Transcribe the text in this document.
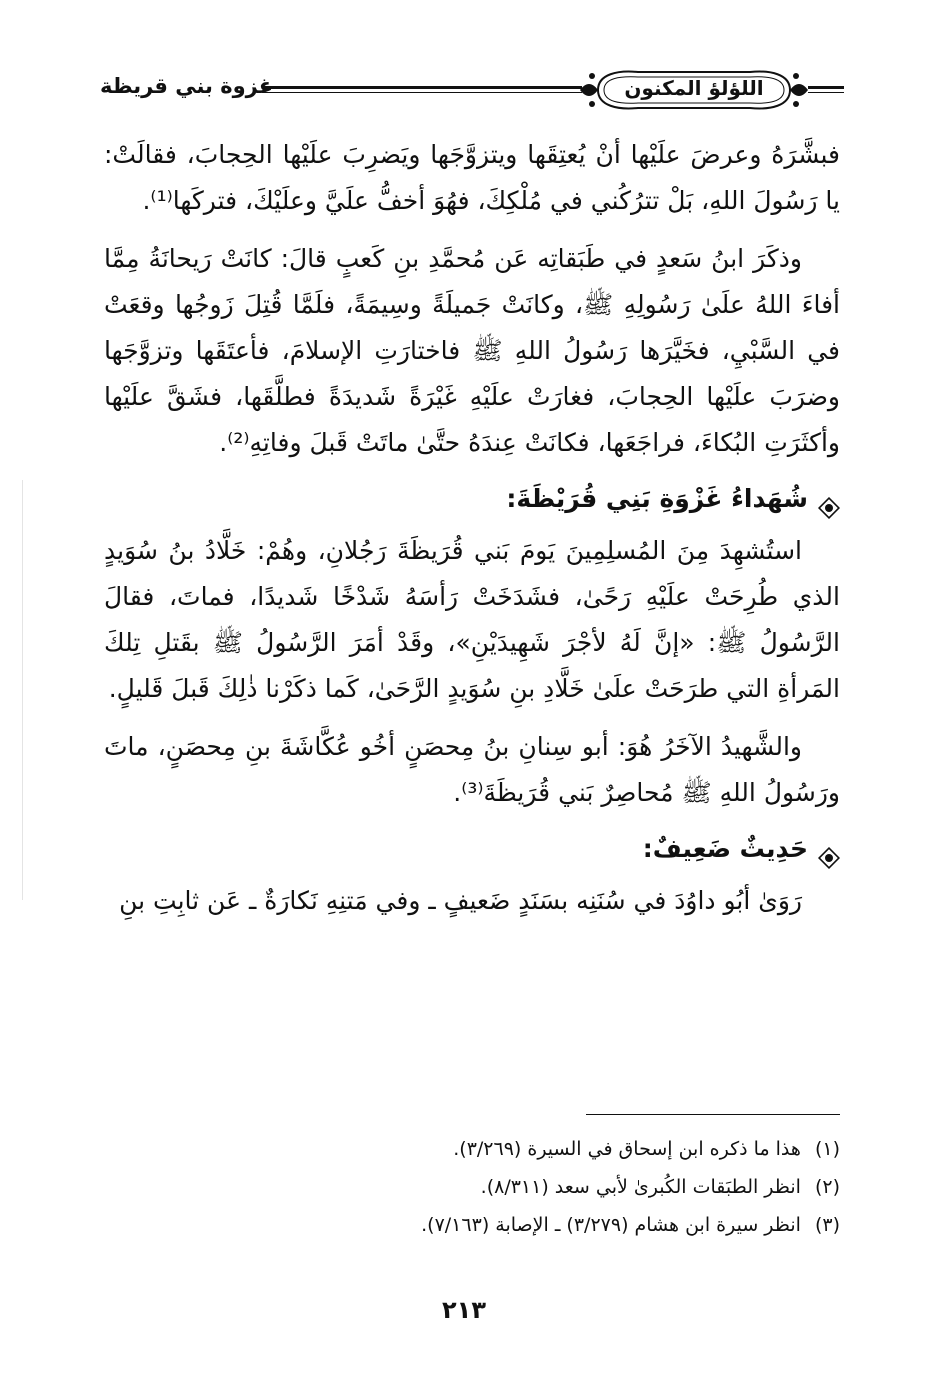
غزوة بني قريظة	اللؤلؤ المكنون

فبشَّرَهُ وعرضَ علَيْها أنْ يُعتِقَها ويتزوَّجَها ويَضرِبَ علَيْها الحِجابَ، فقالَتْ: يا رَسُولَ اللهِ، بَلْ تترُكُني في مُلْكِكَ، فهُوَ أخفُّ علَيَّ وعلَيْكَ، فتركَها⁽¹⁾.

وذكَرَ ابنُ سَعدٍ في طَبَقاتِه عَن مُحمَّدِ بنِ كَعبٍ قالَ: كانَتْ رَيحانَةُ مِمَّا أفاءَ اللهُ علَىٰ رَسُولِهِ ﷺ، وكانَتْ جَميلَةً وسِيمَةً، فلَمَّا قُتِلَ زَوجُها وقعَتْ في السَّبْيِ، فخَيَّرَها رَسُولُ اللهِ ﷺ فاختارَتِ الإسلامَ، فأعتَقَها وتزوَّجَها وضرَبَ علَيْها الحِجابَ، فغارَتْ علَيْهِ غَيْرَةً شَديدَةً فطلَّقَها، فشَقَّ علَيْها وأكثَرَتِ البُكاءَ، فراجَعَها، فكانَتْ عِندَهُ حتَّىٰ ماتَتْ قَبلَ وفاتِهِ⁽²⁾.

شُهَداءُ غَزْوَةِ بَنِي قُرَيْظَةَ:

استُشهِدَ مِنَ المُسلِمِينَ يَومَ بَني قُرَيظَةَ رَجُلانِ، وهُمْ: خَلَّادُ بنُ سُوَيدٍ الذي طُرِحَتْ علَيْهِ رَحًىٰ، فشَدَخَتْ رَأسَهُ شَدْخًا شَديدًا، فماتَ، فقالَ الرَّسُولُ ﷺ: «إنَّ لَهُ لأجْرَ شَهِيدَيْنِ»، وقَدْ أمَرَ الرَّسُولُ ﷺ بقَتلِ تِلكَ المَرأةِ التي طرَحَتْ علَىٰ خَلَّادِ بنِ سُوَيدٍ الرَّحَىٰ، كَما ذكَرْنا ذٰلِكَ قَبلَ قَليلٍ.

والشَّهيدُ الآخَرُ هُوَ: أبو سِنانِ بنُ مِحصَنٍ أخُو عُكَّاشَةَ بنِ مِحصَنٍ، ماتَ ورَسُولُ اللهِ ﷺ مُحاصِرٌ بَني قُرَيظَةَ⁽³⁾.

حَدِيثٌ ضَعِيفٌ:

رَوَىٰ أبُو داوُدَ في سُنَنِه بسَنَدٍ ضَعيفٍ ـ وفي مَتنِهِ نَكارَةٌ ـ عَن ثابِتِ بنِ

(١)
هذا ما ذكره ابن إسحاق في السيرة (٣/٢٦٩).
(٢)
انظر الطبَقات الكُبرىٰ لأبي سعد (٨/٣١١).
(٣)
انظر سيرة ابن هشام (٣/٢٧٩) ـ الإصابة (٧/١٦٣).
٢١٣
